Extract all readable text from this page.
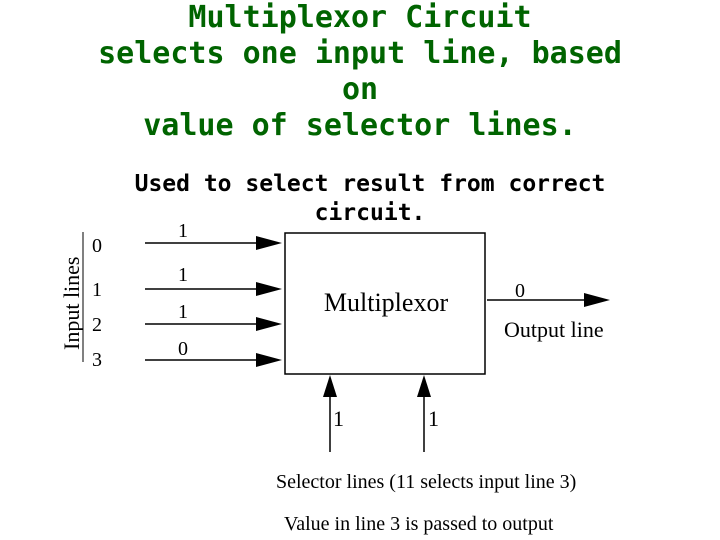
Multiplexor Circuit
selects one input line, based
on
value of selector lines.
Used to select result from correct
circuit.
Input lines
0
1
2
3
1
1
1
0
Multiplexor	0
Output line
1	1
Selector lines (11 selects input line 3)
Value in line 3 is passed to output
